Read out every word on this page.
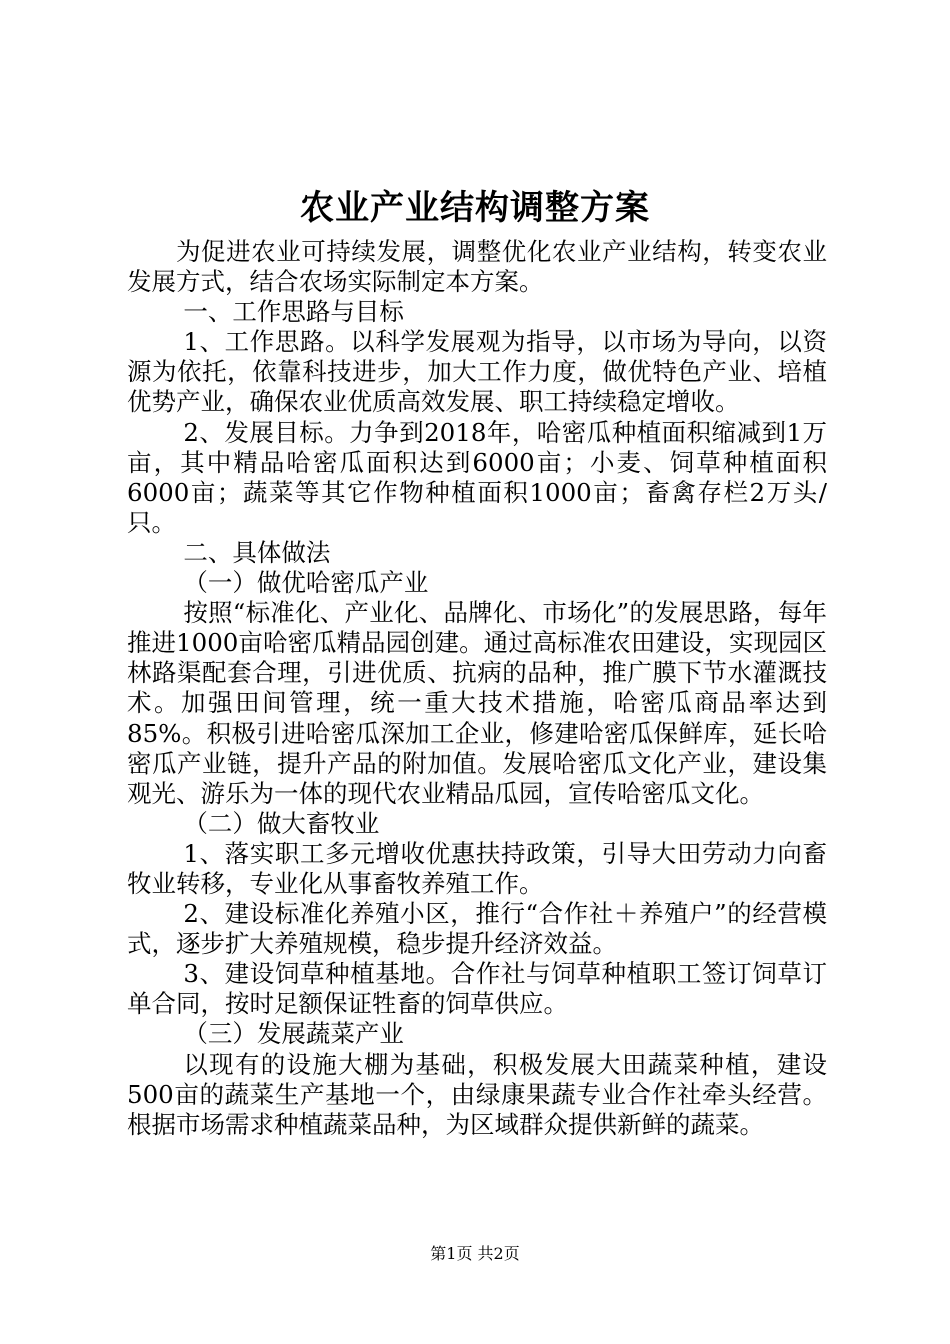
农业产业结构调整方案

为促进农业可持续发展，调整优化农业产业结构，转变农业发展方式，结合农场实际制定本方案。

一、工作思路与目标

1、工作思路。以科学发展观为指导，以市场为导向，以资源为依托，依靠科技进步，加大工作力度，做优特色产业、培植优势产业，确保农业优质高效发展、职工持续稳定增收。

2、发展目标。力争到2018年，哈密瓜种植面积缩减到1万亩，其中精品哈密瓜面积达到6000亩；小麦、饲草种植面积6000亩；蔬菜等其它作物种植面积1000亩；畜禽存栏2万头/只。

二、具体做法

（一）做优哈密瓜产业

按照“标准化、产业化、品牌化、市场化”的发展思路，每年推进1000亩哈密瓜精品园创建。通过高标准农田建设，实现园区林路渠配套合理，引进优质、抗病的品种，推广膜下节水灌溉技术。加强田间管理，统一重大技术措施，哈密瓜商品率达到85%。积极引进哈密瓜深加工企业，修建哈密瓜保鲜库，延长哈密瓜产业链，提升产品的附加值。发展哈密瓜文化产业，建设集观光、游乐为一体的现代农业精品瓜园，宣传哈密瓜文化。

（二）做大畜牧业

1、落实职工多元增收优惠扶持政策，引导大田劳动力向畜牧业转移，专业化从事畜牧养殖工作。

2、建设标准化养殖小区，推行“合作社＋养殖户”的经营模式，逐步扩大养殖规模，稳步提升经济效益。

3、建设饲草种植基地。合作社与饲草种植职工签订饲草订单合同，按时足额保证牲畜的饲草供应。

（三）发展蔬菜产业

以现有的设施大棚为基础，积极发展大田蔬菜种植，建设500亩的蔬菜生产基地一个，由绿康果蔬专业合作社牵头经营。根据市场需求种植蔬菜品种，为区域群众提供新鲜的蔬菜。

第1页 共2页
